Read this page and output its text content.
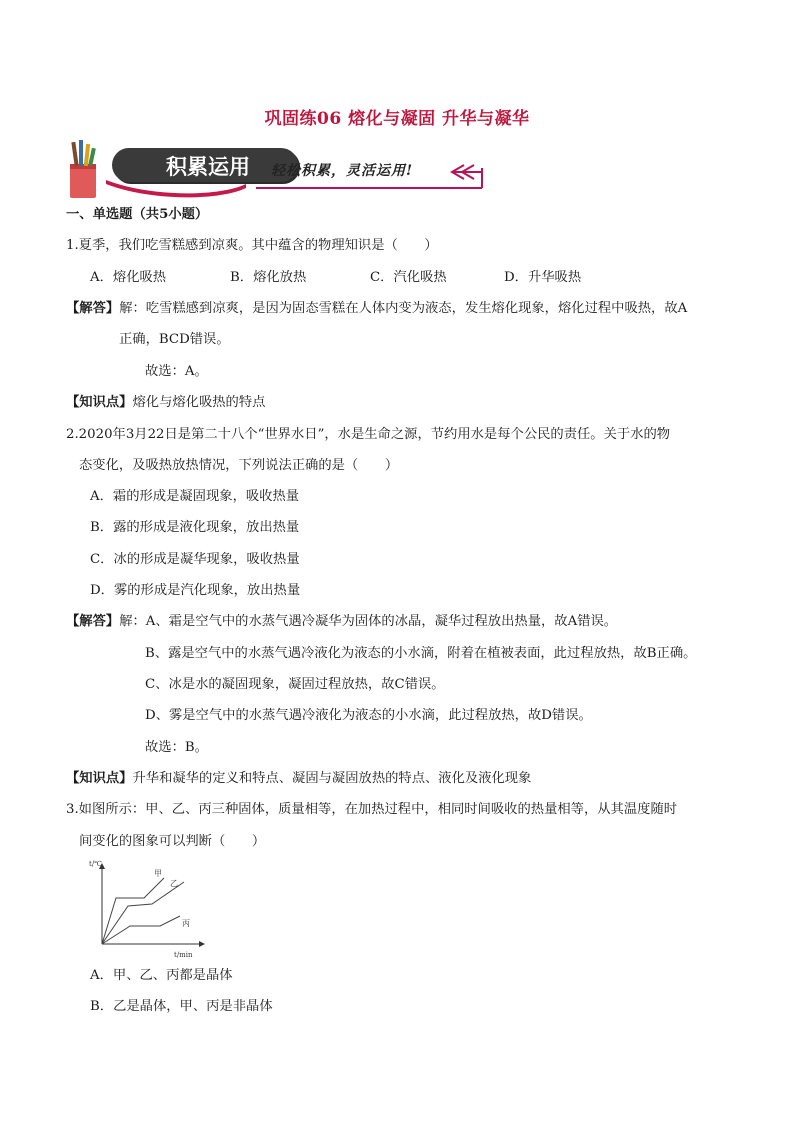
巩固练06 熔化与凝固 升华与凝华
积累运用	轻松积累，灵活运用!
一、单选题（共5小题）
1.夏季，我们吃雪糕感到凉爽。其中蕴含的物理知识是（　　）
A．熔化吸热	B．熔化放热	C．汽化吸热	D．升华吸热
【解答】解：吃雪糕感到凉爽，是因为固态雪糕在人体内变为液态，发生熔化现象，熔化过程中吸热，故A
正确，BCD错误。
故选：A。
【知识点】熔化与熔化吸热的特点
2.2020年3月22日是第二十八个“世界水日”，水是生命之源，节约用水是每个公民的责任。关于水的物
态变化，及吸热放热情况，下列说法正确的是（　　）
A．霜的形成是凝固现象，吸收热量
B．露的形成是液化现象，放出热量
C．冰的形成是凝华现象，吸收热量
D．雾的形成是汽化现象，放出热量
【解答】解：A、霜是空气中的水蒸气遇冷凝华为固体的冰晶，凝华过程放出热量，故A错误。
B、露是空气中的水蒸气遇冷液化为液态的小水滴，附着在植被表面，此过程放热，故B正确。
C、冰是水的凝固现象，凝固过程放热，故C错误。
D、雾是空气中的水蒸气遇冷液化为液态的小水滴，此过程放热，故D错误。
故选：B。
【知识点】升华和凝华的定义和特点、凝固与凝固放热的特点、液化及液化现象
3.如图所示：甲、乙、丙三种固体，质量相等，在加热过程中，相同时间吸收的热量相等，从其温度随时
间变化的图象可以判断（　　）
t/℃
t/min
甲
乙
丙
A．甲、乙、丙都是晶体
B．乙是晶体，甲、丙是非晶体
